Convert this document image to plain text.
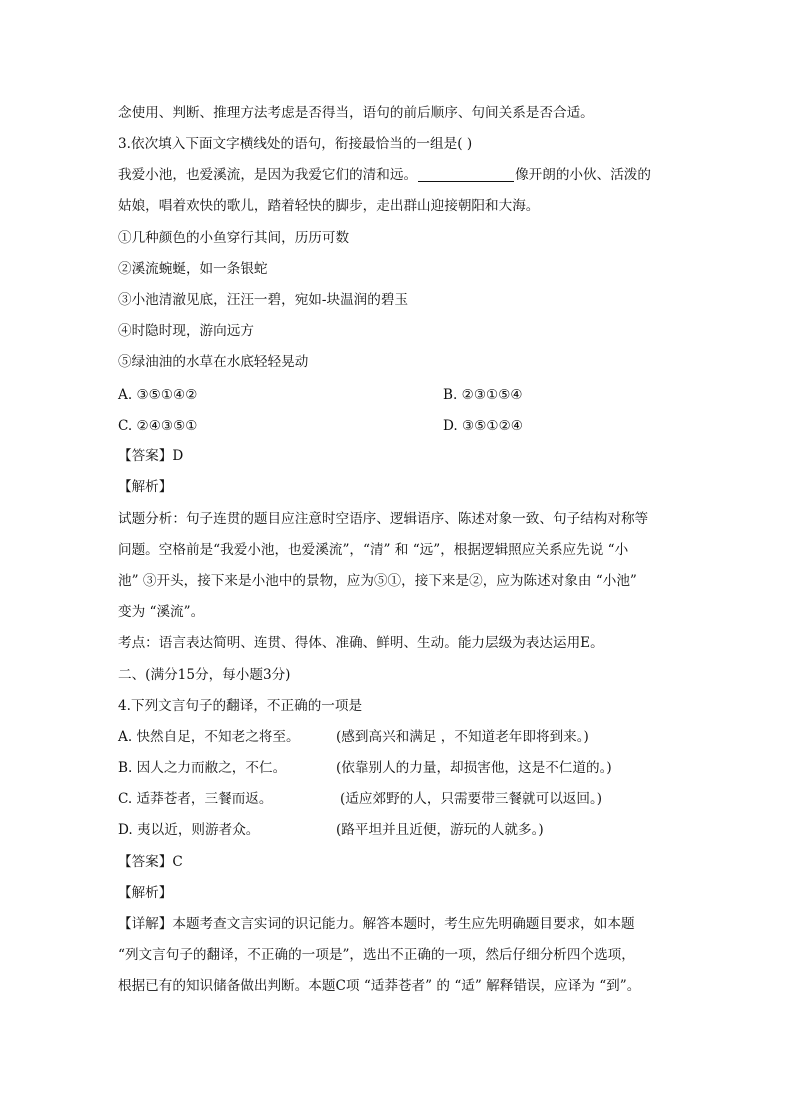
念使用、判断、推理方法考虑是否得当，语句的前后顺序、句间关系是否合适。
3.依次填入下面文字横线处的语句，衔接最恰当的一组是( )
我爱小池，也爱溪流，是因为我爱它们的清和远。	像开朗的小伙、活泼的
姑娘，唱着欢快的歌儿，踏着轻快的脚步，走出群山迎接朝阳和大海。
①几种颜色的小鱼穿行其间，历历可数
②溪流蜿蜒，如一条银蛇
③小池清澈见底，汪汪一碧，宛如-块温润的碧玉
④时隐时现，游向远方
⑤绿油油的水草在水底轻轻晃动
A. ③⑤①④②	B. ②③①⑤④
C. ②④③⑤①	D. ③⑤①②④
【答案】D
【解析】
试题分析：句子连贯的题目应注意时空语序、逻辑语序、陈述对象一致、句子结构对称等
问题。空格前是“我爱小池，也爱溪流”，“清” 和 “远”，根据逻辑照应关系应先说 “小
池” ③开头，接下来是小池中的景物，应为⑤①，接下来是②，应为陈述对象由 “小池”
变为 “溪流”。
考点：语言表达简明、连贯、得体、准确、鲜明、生动。能力层级为表达运用E。
二、(满分15分，每小题3分)
4.下列文言句子的翻译，不正确的一项是
A. 快然自足，不知老之将至。	(感到高兴和满足 ，不知道老年即将到来。)
B. 因人之力而敝之，不仁。	(依靠别人的力量，却损害他，这是不仁道的。)
C. 适莽苍者，三餐而返。	(适应郊野的人，只需要带三餐就可以返回。)
D. 夷以近，则游者众。	(路平坦并且近便，游玩的人就多。)
【答案】C
【解析】
【详解】本题考查文言实词的识记能力。解答本题时，考生应先明确题目要求，如本题
“列文言句子的翻译，不正确的一项是”，选出不正确的一项，然后仔细分析四个选项，
根据已有的知识储备做出判断。本题C项 “适莽苍者” 的 “适” 解释错误，应译为 “到”。
